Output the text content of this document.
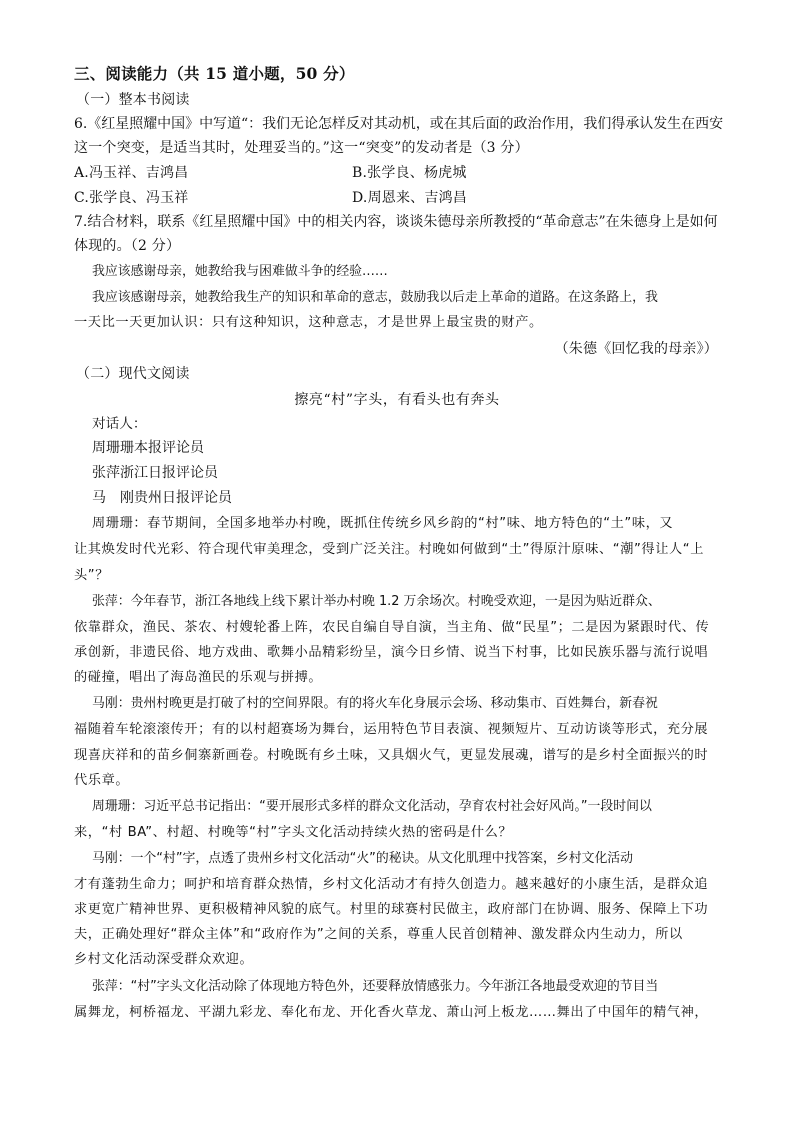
三、阅读能力（共 15 道小题，50 分）
（一）整本书阅读
6.《红星照耀中国》中写道“：我们无论怎样反对其动机，或在其后面的政治作用，我们得承认发生在西安
这一个突变，是适当其时，处理妥当的。”这一“突变”的发动者是（3 分）
A.冯玉祥、吉鸿昌	B.张学良、杨虎城
C.张学良、冯玉祥	D.周恩来、吉鸿昌
7.结合材料，联系《红星照耀中国》中的相关内容，谈谈朱德母亲所教授的“革命意志”在朱德身上是如何
体现的。（2 分）
我应该感谢母亲，她教给我与困难做斗争的经验……
我应该感谢母亲，她教给我生产的知识和革命的意志，鼓励我以后走上革命的道路。在这条路上，我
一天比一天更加认识：只有这种知识，这种意志，才是世界上最宝贵的财产。
（朱德《回忆我的母亲》）
（二）现代文阅读
擦亮“村”字头，有看头也有奔头
对话人：
周珊珊 本报评论员
张萍浙 江日报评论员
马　刚 贵州日报评论员
周珊珊：春节期间，全国多地举办村晚，既抓住传统乡风乡韵的“村”味、地方特色的“土”味，又
让其焕发时代光彩、符合现代审美理念，受到广泛关注。村晚如何做到“土”得原汁原味、“潮”得让人“上
头”？
张萍：今年春节，浙江各地线上线下累计举办村晚 1.2 万余场次。村晚受欢迎，一是因为贴近群众、
依靠群众，渔民、茶农、村嫂轮番上阵，农民自编自导自演，当主角、做“民星”；二是因为紧跟时代、传
承创新，非遗民俗、地方戏曲、歌舞小品精彩纷呈，演今日乡情、说当下村事，比如民族乐器与流行说唱
的碰撞，唱出了海岛渔民的乐观与拼搏。
马刚：贵州村晚更是打破了村的空间界限。有的将火车化身展示会场、移动集市、百姓舞台，新春祝
福随着车轮滚滚传开；有的以村超赛场为舞台，运用特色节目表演、视频短片、互动访谈等形式，充分展
现喜庆祥和的苗乡侗寨新画卷。村晚既有乡土味，又具烟火气，更显发展魂，谱写的是乡村全面振兴的时
代乐章。
周珊珊：习近平总书记指出：“要开展形式多样的群众文化活动，孕育农村社会好风尚。”一段时间以
来，“村 BA”、村超、村晚等“村”字头文化活动持续火热的密码是什么？
马刚：一个“村”字，点透了贵州乡村文化活动“火”的秘诀。从文化肌理中找答案，乡村文化活动
才有蓬勃生命力；呵护和培育群众热情，乡村文化活动才有持久创造力。越来越好的小康生活，是群众追
求更宽广精神世界、更积极精神风貌的底气。村里的球赛村民做主，政府部门在协调、服务、保障上下功
夫，正确处理好“群众主体”和“政府作为”之间的关系，尊重人民首创精神、激发群众内生动力，所以
乡村文化活动深受群众欢迎。
张萍：“村”字头文化活动除了体现地方特色外，还要释放情感张力。今年浙江各地最受欢迎的节目当
属舞龙，柯桥福龙、平湖九彩龙、奉化布龙、开化香火草龙、萧山河上板龙……舞出了中国年的精气神，
